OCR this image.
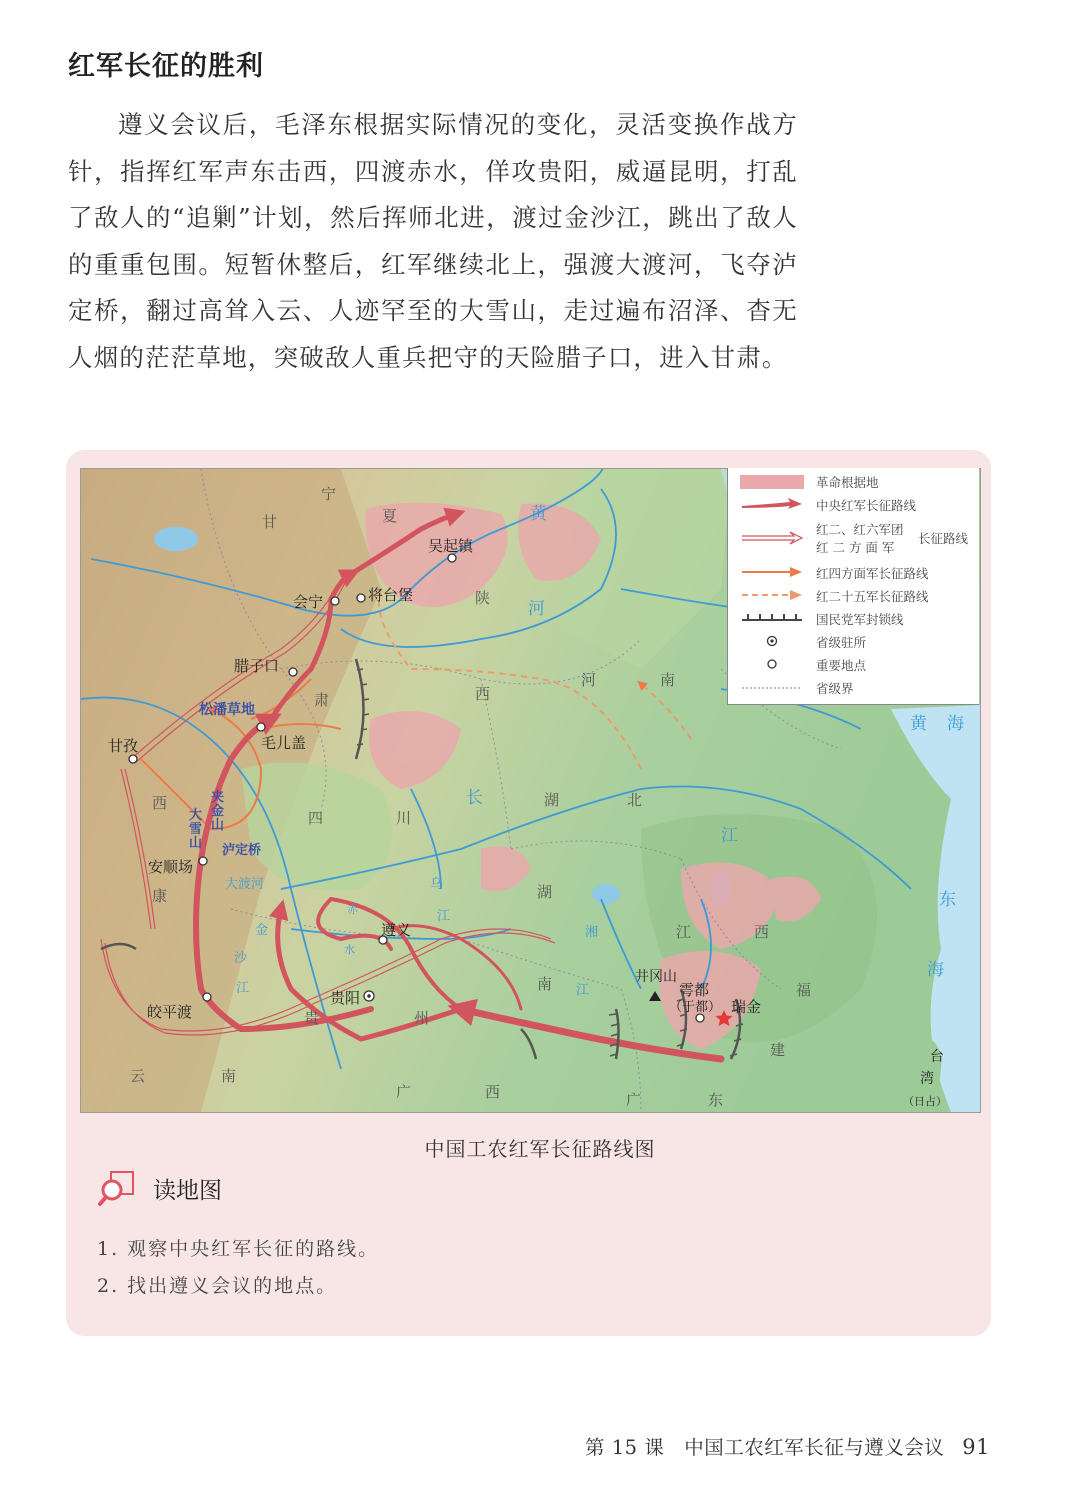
红军长征的胜利
遵义会议后，毛泽东根据实际情况的变化，灵活变换作战方针，指挥红军声东击西，四渡赤水，佯攻贵阳，威逼昆明，打乱了敌人的“追剿”计划，然后挥师北进，渡过金沙江，跳出了敌人的重重包围。短暂休整后，红军继续北上，强渡大渡河，飞夺泸定桥，翻过高耸入云、人迹罕至的大雪山，走过遍布沼泽、杳无人烟的茫茫草地，突破敌人重兵把守的天险腊子口，进入甘肃。
吴起镇
将台堡
会宁
腊子口
松潘草地
毛儿盖
甘孜
夹金山
大雪山 泸定桥
安顺场
大渡河
遵义
贵阳
皎平渡
井冈山
雩都
（于都） 瑞金
宁
夏
甘
肃
陕
西
河	南
四	川
湖	北
西
康
贵	州
云	南
广	西	广	东
湖
南
江	西
福
建
黄
河
长
江
黄 海
东
海
金
沙
江
乌
江
赤
水
湘
江
台
湾
（日占）
革命根据地
中央红军长征路线
红二、红六军团
红 二 方 面 军
长征路线
红四方面军长征路线
红二十五军长征路线
国民党军封锁线
省级驻所
重要地点
省级界
中国工农红军长征路线图
读地图
1. 观察中央红军长征的路线。
2. 找出遵义会议的地点。
第 15 课　中国工农红军长征与遵义会议 91
